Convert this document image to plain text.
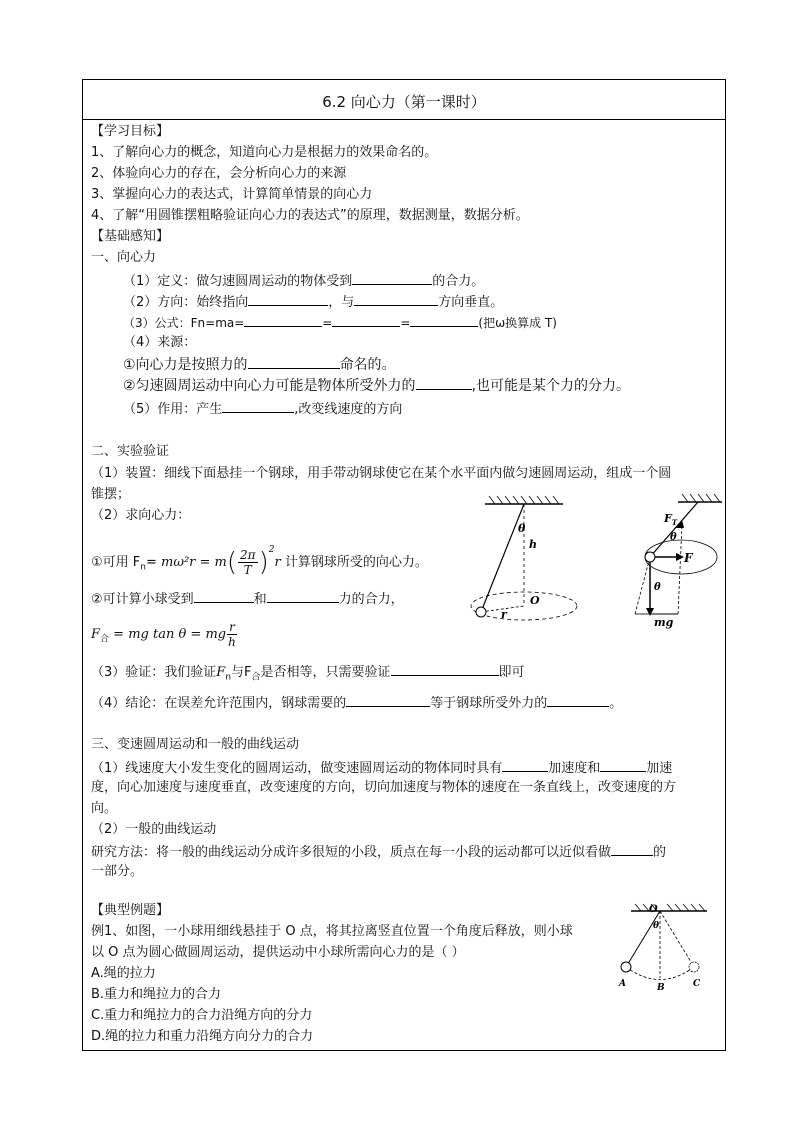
6.2 向心力（第一课时）
【学习目标】
1、了解向心力的概念，知道向心力是根据力的效果命名的。
2、体验向心力的存在，会分析向心力的来源
3、掌握向心力的表达式，计算简单情景的向心力
4、了解“用圆锥摆粗略验证向心力的表达式”的原理，数据测量，数据分析。
【基础感知】
一、向心力
（1）定义：做匀速圆周运动的物体受到	的合力。
（2）方向：始终指向	，与	方向垂直。
（3）公式：Fn=ma=	=	=	(把ω换算成 T)
（4）来源：
①向心力是按照力的	命名的。
②匀速圆周运动中向心力可能是物体所受外力的	,也可能是某个力的分力。
（5）作用：产生	,改变线速度的方向
二、实验验证
（1）装置：细线下面悬挂一个钢球，用手带动钢球使它在某个水平面内做匀速圆周运动，组成一个圆
锥摆；
（2）求向心力：
①可用 $F_n= m\omega^2r = m( \frac{2\pi}{T} )^2r$ 计算钢球所受的向心力。
②可计算小球受到	和	力的合力，
$F_合$ = mg tan θ = mg $\frac{r}{h}$
（3）验证：我们验证$F_n$与$F_合$是否相等，只需要验证	即可
（4）结论：在误差允许范围内，钢球需要的	等于钢球所受外力的	。
三、变速圆周运动和一般的曲线运动
（1）线速度大小发生变化的圆周运动，做变速圆周运动的物体同时具有	加速度和	加速
度，向心加速度与速度垂直，改变速度的方向，切向加速度与物体的速度在一条直线上，改变速度的方
向。
（2）一般的曲线运动
研究方法：将一般的曲线运动分成许多很短的小段，质点在每一小段的运动都可以近似看做	的
一部分。
【典型例题】
例1、如图，一小球用细线悬挂于 O 点，将其拉离竖直位置一个角度后释放，则小球
以 O 点为圆心做圆周运动，提供运动中小球所需向心力的是（ ）
A.绳的拉力
B.重力和绳拉力的合力
C.重力和绳拉力的合力沿绳方向的分力
D.绳的拉力和重力沿绳方向分力的合力
θ
h
O
r
$F_T$
θ
F
θ
mg
O
θ
A	B	C
